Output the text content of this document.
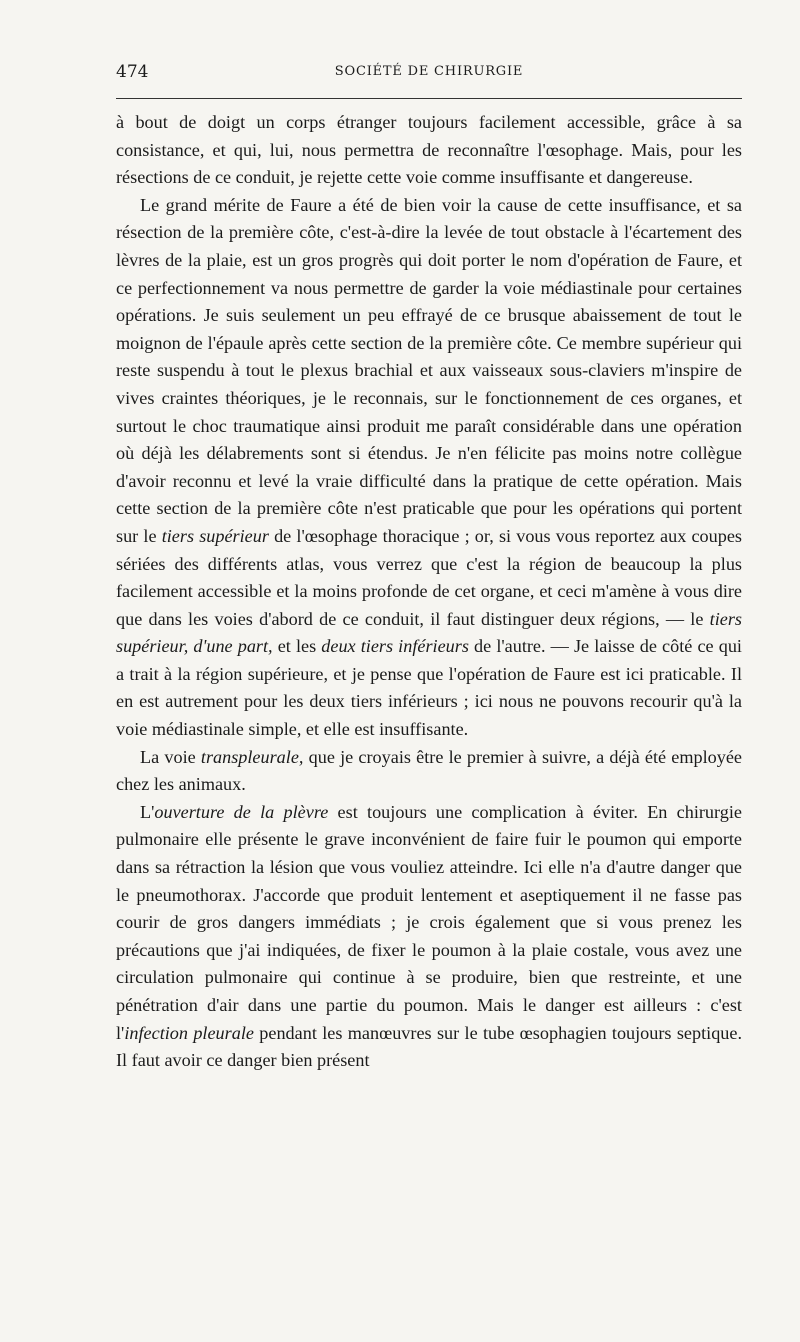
474	SOCIÉTÉ DE CHIRURGIE

à bout de doigt un corps étranger toujours facilement accessible, grâce à sa consistance, et qui, lui, nous permettra de reconnaître l'œsophage. Mais, pour les résections de ce conduit, je rejette cette voie comme insuffisante et dangereuse.

Le grand mérite de Faure a été de bien voir la cause de cette insuffisance, et sa résection de la première côte, c'est-à-dire la levée de tout obstacle à l'écartement des lèvres de la plaie, est un gros progrès qui doit porter le nom d'opération de Faure, et ce perfectionnement va nous permettre de garder la voie médiastinale pour certaines opérations. Je suis seulement un peu effrayé de ce brusque abaissement de tout le moignon de l'épaule après cette section de la première côte. Ce membre supérieur qui reste suspendu à tout le plexus brachial et aux vaisseaux sous-claviers m'inspire de vives craintes théoriques, je le reconnais, sur le fonctionnement de ces organes, et surtout le choc traumatique ainsi produit me paraît considérable dans une opération où déjà les délabrements sont si étendus. Je n'en félicite pas moins notre collègue d'avoir reconnu et levé la vraie difficulté dans la pratique de cette opération. Mais cette section de la première côte n'est praticable que pour les opérations qui portent sur le tiers supérieur de l'œsophage thoracique ; or, si vous vous reportez aux coupes sériées des différents atlas, vous verrez que c'est la région de beaucoup la plus facilement accessible et la moins profonde de cet organe, et ceci m'amène à vous dire que dans les voies d'abord de ce conduit, il faut distinguer deux régions, — le tiers supérieur, d'une part, et les deux tiers inférieurs de l'autre. — Je laisse de côté ce qui a trait à la région supérieure, et je pense que l'opération de Faure est ici praticable. Il en est autrement pour les deux tiers inférieurs ; ici nous ne pouvons recourir qu'à la voie médiastinale simple, et elle est insuffisante.

La voie transpleurale, que je croyais être le premier à suivre, a déjà été employée chez les animaux.

L'ouverture de la plèvre est toujours une complication à éviter. En chirurgie pulmonaire elle présente le grave inconvénient de faire fuir le poumon qui emporte dans sa rétraction la lésion que vous vouliez atteindre. Ici elle n'a d'autre danger que le pneumothorax. J'accorde que produit lentement et aseptiquement il ne fasse pas courir de gros dangers immédiats ; je crois également que si vous prenez les précautions que j'ai indiquées, de fixer le poumon à la plaie costale, vous avez une circulation pulmonaire qui continue à se produire, bien que restreinte, et une pénétration d'air dans une partie du poumon. Mais le danger est ailleurs : c'est l'infection pleurale pendant les manœuvres sur le tube œsophagien toujours septique. Il faut avoir ce danger bien présent
